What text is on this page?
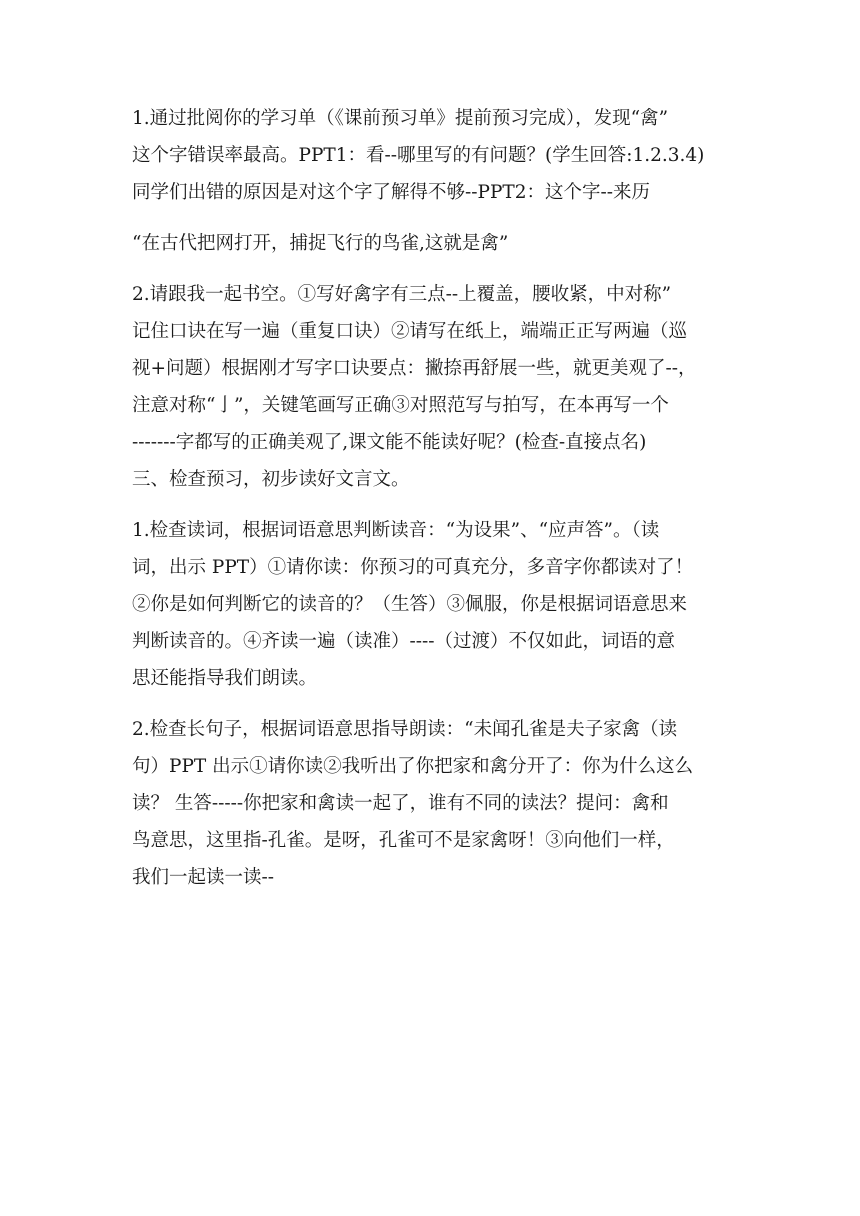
1.通过批阅你的学习单（《课前预习单》提前预习完成），发现“禽”
这个字错误率最高。PPT1：看--哪里写的有问题？(学生回答:1.2.3.4)
同学们出错的原因是对这个字了解得不够--PPT2：这个字--来历

“在古代把网打开，捕捉飞行的鸟雀,这就是禽”

2.请跟我一起书空。①写好禽字有三点--上覆盖，腰收紧，中对称”
记住口诀在写一遍（重复口诀）②请写在纸上，端端正正写两遍（巡
视+问题）根据刚才写字口诀要点：撇捺再舒展一些，就更美观了--，
注意对称“亅”，关键笔画写正确③对照范写与拍写，在本再写一个
-------字都写的正确美观了,课文能不能读好呢？(检查-直接点名)
三、检查预习，初步读好文言文。

1.检查读词，根据词语意思判断读音：“为设果”、“应声答”。（读
词，出示 PPT）①请你读：你预习的可真充分，多音字你都读对了！
②你是如何判断它的读音的？（生答）③佩服，你是根据词语意思来
判断读音的。④齐读一遍（读准）----（过渡）不仅如此，词语的意
思还能指导我们朗读。

2.检查长句子，根据词语意思指导朗读：“未闻孔雀是夫子家禽（读
句）PPT 出示①请你读②我听出了你把家和禽分开了：你为什么这么
读？ 生答-----你把家和禽读一起了，谁有不同的读法？提问：禽和
鸟意思，这里指-孔雀。是呀，孔雀可不是家禽呀！③向他们一样，
我们一起读一读--
